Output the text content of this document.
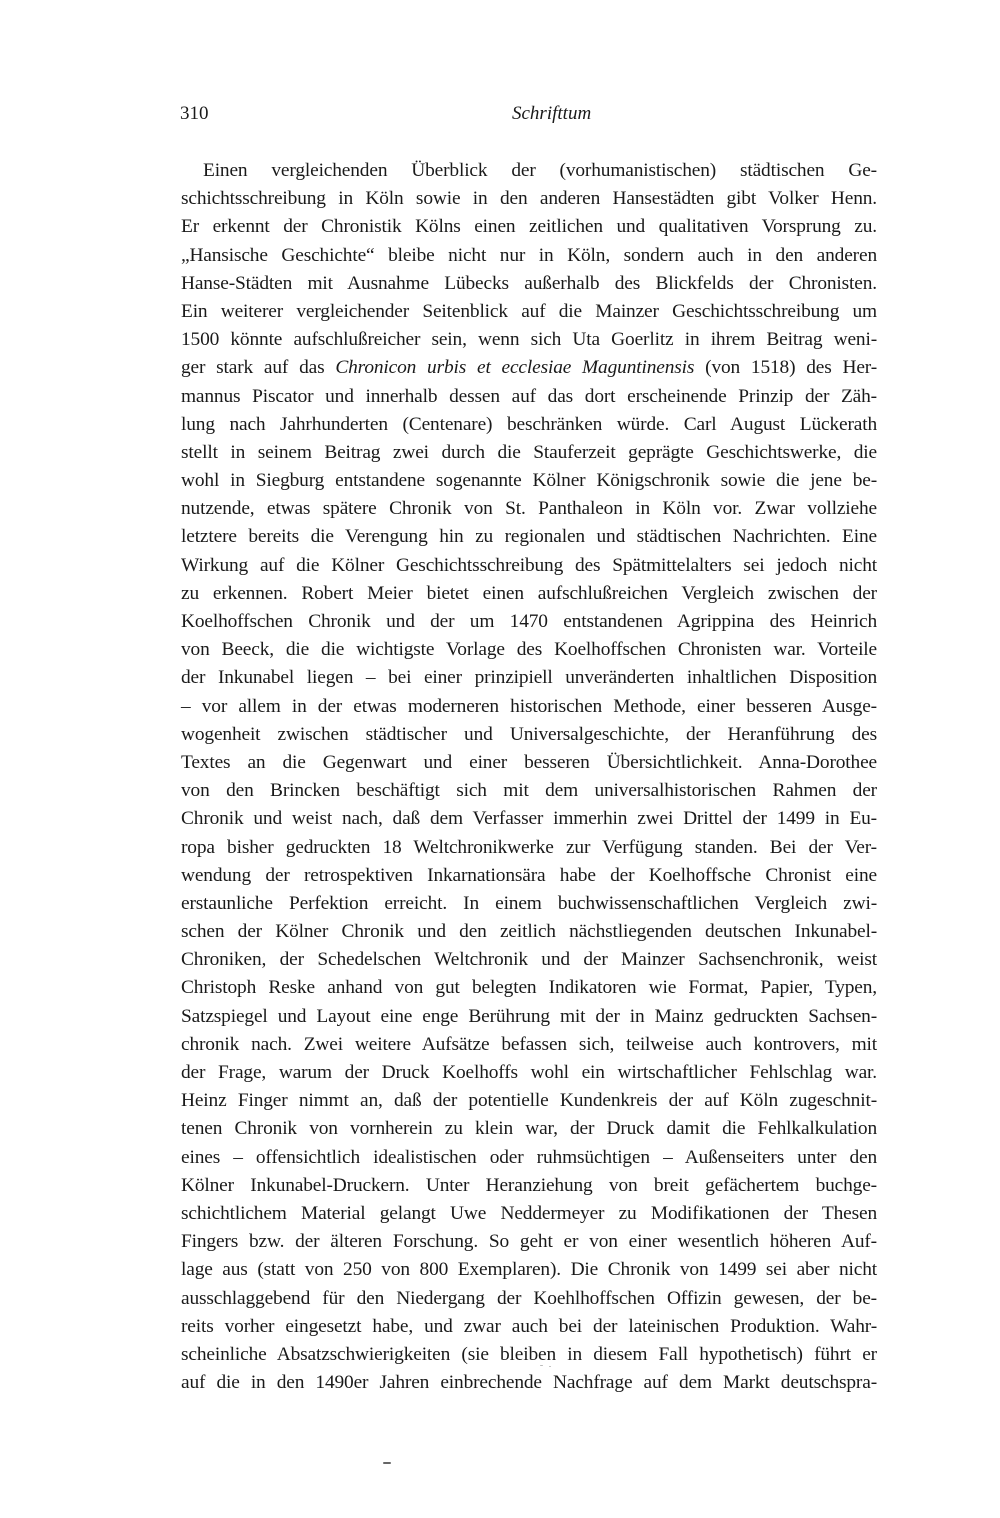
310	Schrifttum
Einen vergleichenden Überblick der (vorhumanistischen) städtischen Ge-
schichtsschreibung in Köln sowie in den anderen Hansestädten gibt Volker Henn.
Er erkennt der Chronistik Kölns einen zeitlichen und qualitativen Vorsprung zu.
„Hansische Geschichte“ bleibe nicht nur in Köln, sondern auch in den anderen
Hanse-Städten mit Ausnahme Lübecks außerhalb des Blickfelds der Chronisten.
Ein weiterer vergleichender Seitenblick auf die Mainzer Geschichtsschreibung um
1500 könnte aufschlußreicher sein, wenn sich Uta Goerlitz in ihrem Beitrag weni-
ger stark auf das Chronicon urbis et ecclesiae Maguntinensis (von 1518) des Her-
mannus Piscator und innerhalb dessen auf das dort erscheinende Prinzip der Zäh-
lung nach Jahrhunderten (Centenare) beschränken würde. Carl August Lückerath
stellt in seinem Beitrag zwei durch die Stauferzeit geprägte Geschichtswerke, die
wohl in Siegburg entstandene sogenannte Kölner Königschronik sowie die jene be-
nutzende, etwas spätere Chronik von St. Panthaleon in Köln vor. Zwar vollziehe
letztere bereits die Verengung hin zu regionalen und städtischen Nachrichten. Eine
Wirkung auf die Kölner Geschichtsschreibung des Spätmittelalters sei jedoch nicht
zu erkennen. Robert Meier bietet einen aufschlußreichen Vergleich zwischen der
Koelhoffschen Chronik und der um 1470 entstandenen Agrippina des Heinrich
von Beeck, die die wichtigste Vorlage des Koelhoffschen Chronisten war. Vorteile
der Inkunabel liegen – bei einer prinzipiell unveränderten inhaltlichen Disposition
– vor allem in der etwas moderneren historischen Methode, einer besseren Ausge-
wogenheit zwischen städtischer und Universalgeschichte, der Heranführung des
Textes an die Gegenwart und einer besseren Übersichtlichkeit. Anna-Dorothee
von den Brincken beschäftigt sich mit dem universalhistorischen Rahmen der
Chronik und weist nach, daß dem Verfasser immerhin zwei Drittel der 1499 in Eu-
ropa bisher gedruckten 18 Weltchronikwerke zur Verfügung standen. Bei der Ver-
wendung der retrospektiven Inkarnationsära habe der Koelhoffsche Chronist eine
erstaunliche Perfektion erreicht. In einem buchwissenschaftlichen Vergleich zwi-
schen der Kölner Chronik und den zeitlich nächstliegenden deutschen Inkunabel-
Chroniken, der Schedelschen Weltchronik und der Mainzer Sachsenchronik, weist
Christoph Reske anhand von gut belegten Indikatoren wie Format, Papier, Typen,
Satzspiegel und Layout eine enge Berührung mit der in Mainz gedruckten Sachsen-
chronik nach. Zwei weitere Aufsätze befassen sich, teilweise auch kontrovers, mit
der Frage, warum der Druck Koelhoffs wohl ein wirtschaftlicher Fehlschlag war.
Heinz Finger nimmt an, daß der potentielle Kundenkreis der auf Köln zugeschnit-
tenen Chronik von vornherein zu klein war, der Druck damit die Fehlkalkulation
eines – offensichtlich idealistischen oder ruhmsüchtigen – Außenseiters unter den
Kölner Inkunabel-Druckern. Unter Heranziehung von breit gefächertem buchge-
schichtlichem Material gelangt Uwe Neddermeyer zu Modifikationen der Thesen
Fingers bzw. der älteren Forschung. So geht er von einer wesentlich höheren Auf-
lage aus (statt von 250 von 800 Exemplaren). Die Chronik von 1499 sei aber nicht
ausschlaggebend für den Niedergang der Koehlhoffschen Offizin gewesen, der be-
reits vorher eingesetzt habe, und zwar auch bei der lateinischen Produktion. Wahr-
scheinliche Absatzschwierigkeiten (sie bleiben in diesem Fall hypothetisch) führt er
auf die in den 1490er Jahren einbrechende Nachfrage auf dem Markt deutschspra-
